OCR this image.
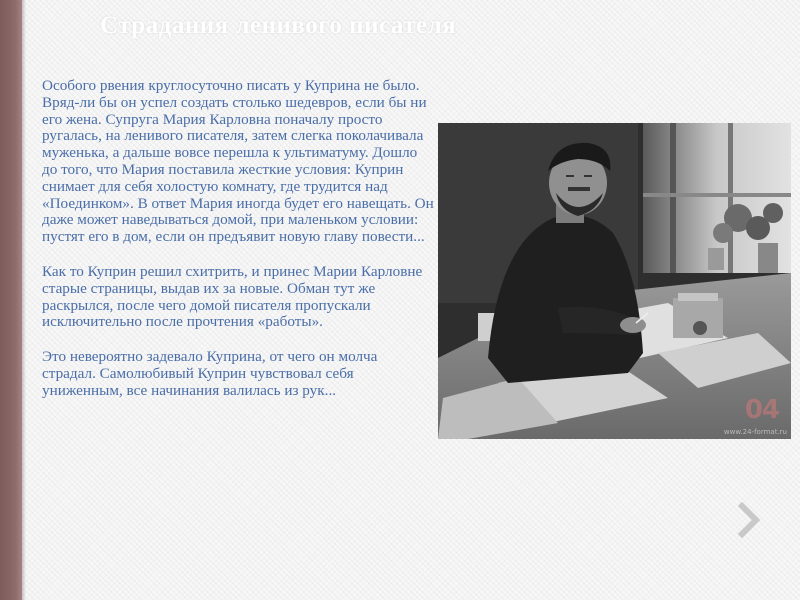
Страдания ленивого писателя

Особого рвения круглосуточно писать у Куприна не было. Вряд-ли бы он успел создать столько шедевров, если бы ни его жена. Супруга Мария Карловна поначалу просто ругалась, на ленивого писателя, затем слегка поколачивала муженька, а дальше вовсе перешла к ультиматуму. Дошло до того, что Мария поставила жесткие условия: Куприн снимает для себя холостую комнату, где трудится над «Поединком». В ответ Мария иногда будет его навещать. Он даже может наведываться домой, при маленьком условии: пустят его в дом, если он предъявит новую главу повести...

Как то Куприн решил схитрить, и принес Марии Карловне старые страницы, выдав их за новые. Обман тут же раскрылся, после чего домой писателя пропускали исключительно после прочтения «работы».

Это невероятно задевало Куприна, от чего он молча страдал. Самолюбивый Куприн чувствовал себя униженным, все начинания валилась из рук...

04
www.24-format.ru
